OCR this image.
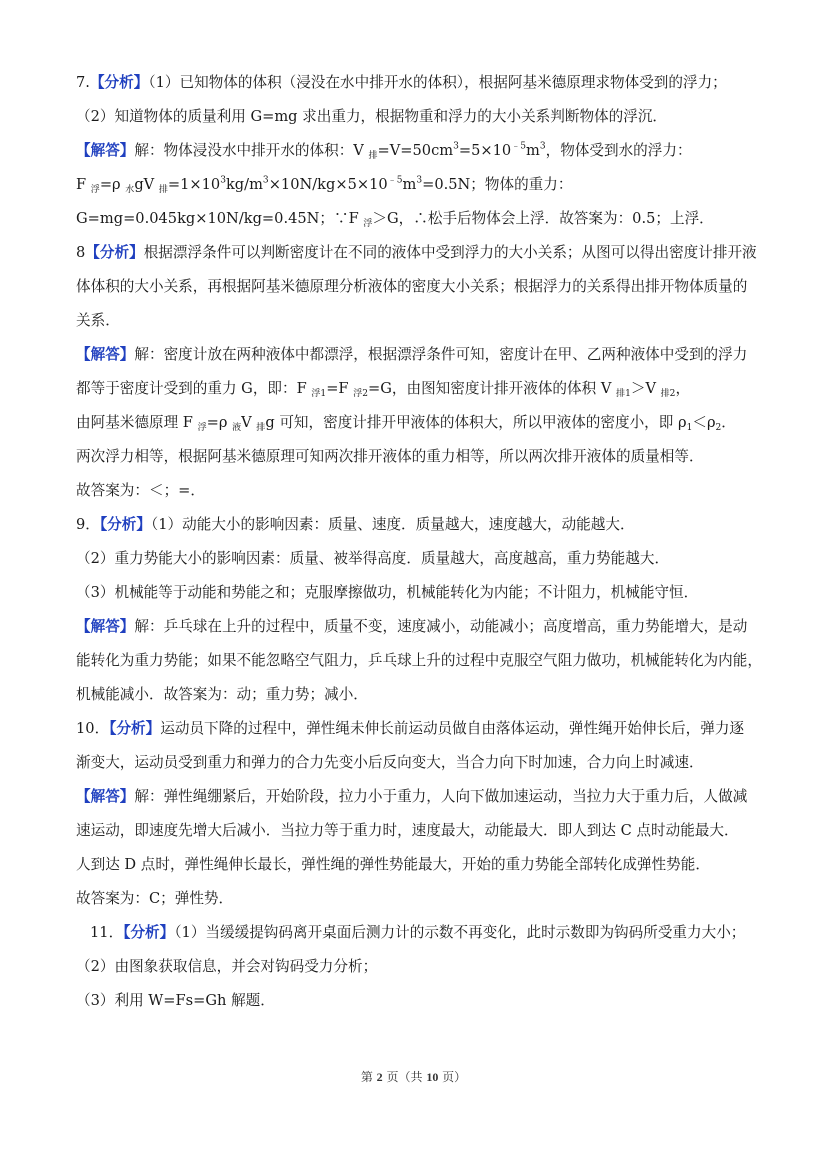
7.【分析】（1）已知物体的体积（浸没在水中排开水的体积），根据阿基米德原理求物体受到的浮力；
（2）知道物体的质量利用 G=mg 求出重力，根据物重和浮力的大小关系判断物体的浮沉．
【解答】解：物体浸没水中排开水的体积：V $_排=V=50cm^3=5\times 10^{﹣5}m^3$，物体受到水的浮力：
F $_浮$=ρ $_水$gV $_排=1\times 10^3kg/m^3\times 10N/kg\times 5\times 10^{﹣5}m^3=0.5N$；物体的重力：
G=mg=0.045kg×10N/kg=0.45N；∵F $_浮$＞G，∴松手后物体会上浮．故答案为：0.5；上浮．
8【分析】根据漂浮条件可以判断密度计在不同的液体中受到浮力的大小关系；从图可以得出密度计排开液
体体积的大小关系，再根据阿基米德原理分析液体的密度大小关系；根据浮力的关系得出排开物体质量的
关系．
【解答】解：密度计放在两种液体中都漂浮，根据漂浮条件可知，密度计在甲、乙两种液体中受到的浮力
都等于密度计受到的重力 G，即：F $_{浮1}$=F $_{浮2}$=G，由图知密度计排开液体的体积 V $_{排1}$＞V $_{排2}$，
由阿基米德原理 F $_浮$=ρ $_液$V $_排$g 可知，密度计排开甲液体的体积大，所以甲液体的密度小，即 $\rho_1<\rho_2$．
两次浮力相等，根据阿基米德原理可知两次排开液体的重力相等，所以两次排开液体的质量相等．
故答案为：＜；=．
9．【分析】（1）动能大小的影响因素：质量、速度．质量越大，速度越大，动能越大．
（2）重力势能大小的影响因素：质量、被举得高度．质量越大，高度越高，重力势能越大．
（3）机械能等于动能和势能之和；克服摩擦做功，机械能转化为内能；不计阻力，机械能守恒．
【解答】解：乒乓球在上升的过程中，质量不变，速度减小，动能减小；高度增高，重力势能增大，是动
能转化为重力势能；如果不能忽略空气阻力，乒乓球上升的过程中克服空气阻力做功，机械能转化为内能，
机械能减小．故答案为：动；重力势；减小．
10．【分析】运动员下降的过程中，弹性绳未伸长前运动员做自由落体运动，弹性绳开始伸长后，弹力逐
渐变大，运动员受到重力和弹力的合力先变小后反向变大，当合力向下时加速，合力向上时减速．
【解答】解：弹性绳绷紧后，开始阶段，拉力小于重力，人向下做加速运动，当拉力大于重力后，人做减
速运动，即速度先增大后减小．当拉力等于重力时，速度最大，动能最大．即人到达 C 点时动能最大．
人到达 D 点时，弹性绳伸长最长，弹性绳的弹性势能最大，开始的重力势能全部转化成弹性势能．
故答案为：C；弹性势．
11．【分析】（1）当缓缓提钩码离开桌面后测力计的示数不再变化，此时示数即为钩码所受重力大小；
（2）由图象获取信息，并会对钩码受力分析；
（3）利用 W=Fs=Gh 解题．
第 2 页（共 10 页）
